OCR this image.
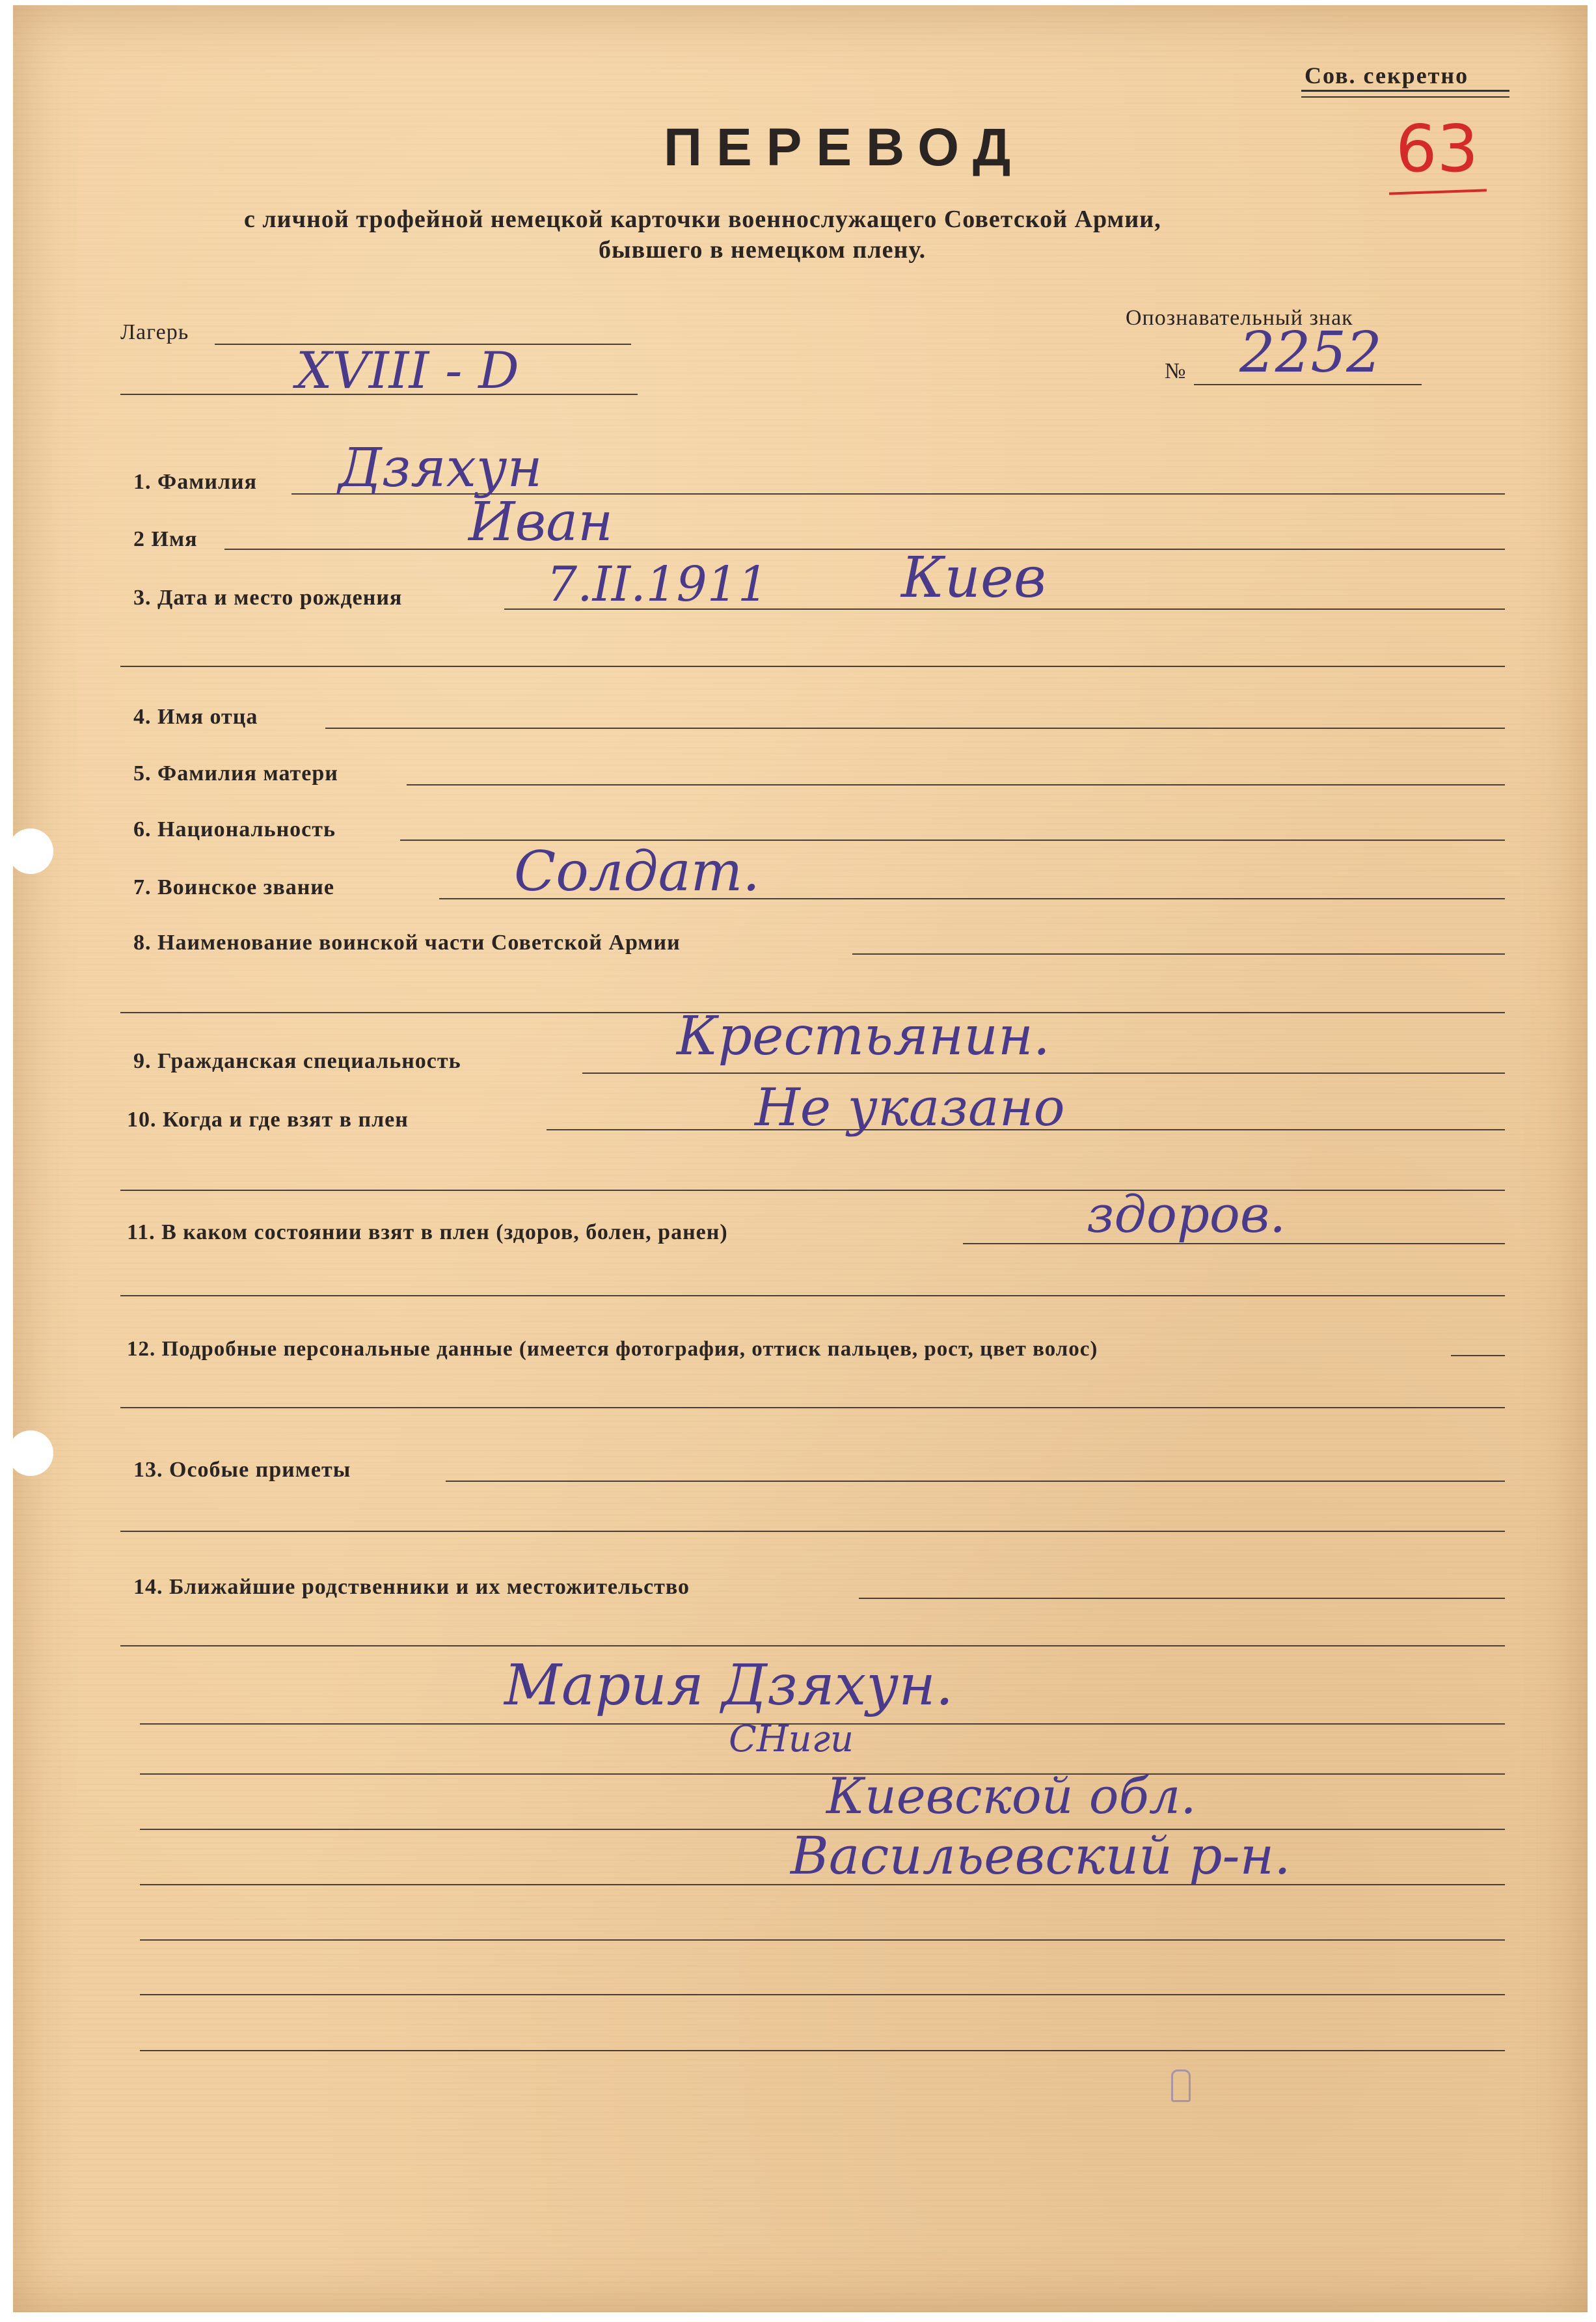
Сов. секретно
63
ПЕРЕВОД
с личной трофейной немецкой карточки военнослужащего Советской Армии,
бывшего в немецком плену.
Лагерь
XVIII - D
Опознавательный знак
№ 2252
1. Фамилия Дзяхун
2 Имя	Иван
3. Дата и место рождения	7.II.1911 Киев
4. Имя отца
5. Фамилия матери
6. Национальность
7. Воинское звание	Солдат.
8. Наименование воинской части Советской Армии
9. Гражданская специальность	Крестьянин.
10. Когда и где взят в плен	Не указано
11. В каком состоянии взят в плен (здоров, болен, ранен)	здоров.
12. Подробные персональные данные (имеется фотография, оттиск пальцев, рост, цвет волос)
13. Особые приметы
14. Ближайшие родственники и их местожительство
Мария Дзяхун.
СНиги
Киевской обл.
Васильевский р-н.
